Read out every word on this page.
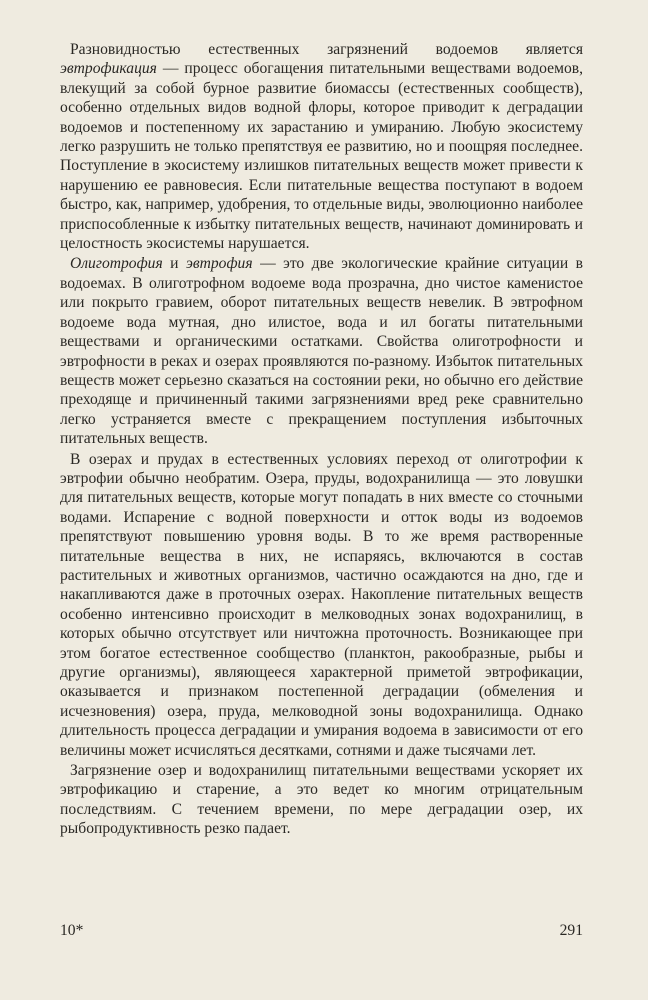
Разновидностью естественных загрязнений водоемов является эвтрофикация — процесс обогащения питательными веществами водоемов, влекущий за собой бурное развитие биомассы (естественных сообществ), особенно отдельных видов водной флоры, которое приводит к деградации водоемов и постепенному их зарастанию и умиранию. Любую экосистему легко разрушить не только препятствуя ее развитию, но и поощряя последнее. Поступление в экосистему излишков питательных веществ может привести к нарушению ее равновесия. Если питательные вещества поступают в водоем быстро, как, например, удобрения, то отдельные виды, эволюционно наиболее приспособленные к избытку питательных веществ, начинают доминировать и целостность экосистемы нарушается.

Олиготрофия и эвтрофия — это две экологические крайние ситуации в водоемах. В олиготрофном водоеме вода прозрачна, дно чистое каменистое или покрыто гравием, оборот питательных веществ невелик. В эвтрофном водоеме вода мутная, дно илистое, вода и ил богаты питательными веществами и органическими остатками. Свойства олиготрофности и эвтрофности в реках и озерах проявляются по-разному. Избыток питательных веществ может серьезно сказаться на состоянии реки, но обычно его действие преходяще и причиненный такими загрязнениями вред реке сравнительно легко устраняется вместе с прекращением поступления избыточных питательных веществ.

В озерах и прудах в естественных условиях переход от олиготрофии к эвтрофии обычно необратим. Озера, пруды, водохранилища — это ловушки для питательных веществ, которые могут попадать в них вместе со сточными водами. Испарение с водной поверхности и отток воды из водоемов препятствуют повышению уровня воды. В то же время растворенные питательные вещества в них, не испаряясь, включаются в состав растительных и животных организмов, частично осаждаются на дно, где и накапливаются даже в проточных озерах. Накопление питательных веществ особенно интенсивно происходит в мелководных зонах водохранилищ, в которых обычно отсутствует или ничтожна проточность. Возникающее при этом богатое естественное сообщество (планктон, ракообразные, рыбы и другие организмы), являющееся характерной приметой эвтрофикации, оказывается и признаком постепенной деградации (обмеления и исчезновения) озера, пруда, мелководной зоны водохранилища. Однако длительность процесса деградации и умирания водоема в зависимости от его величины может исчисляться десятками, сотнями и даже тысячами лет.

Загрязнение озер и водохранилищ питательными веществами ускоряет их эвтрофикацию и старение, а это ведет ко многим отрицательным последствиям. С течением времени, по мере деградации озер, их рыбопродуктивность резко падает.

10*	291
